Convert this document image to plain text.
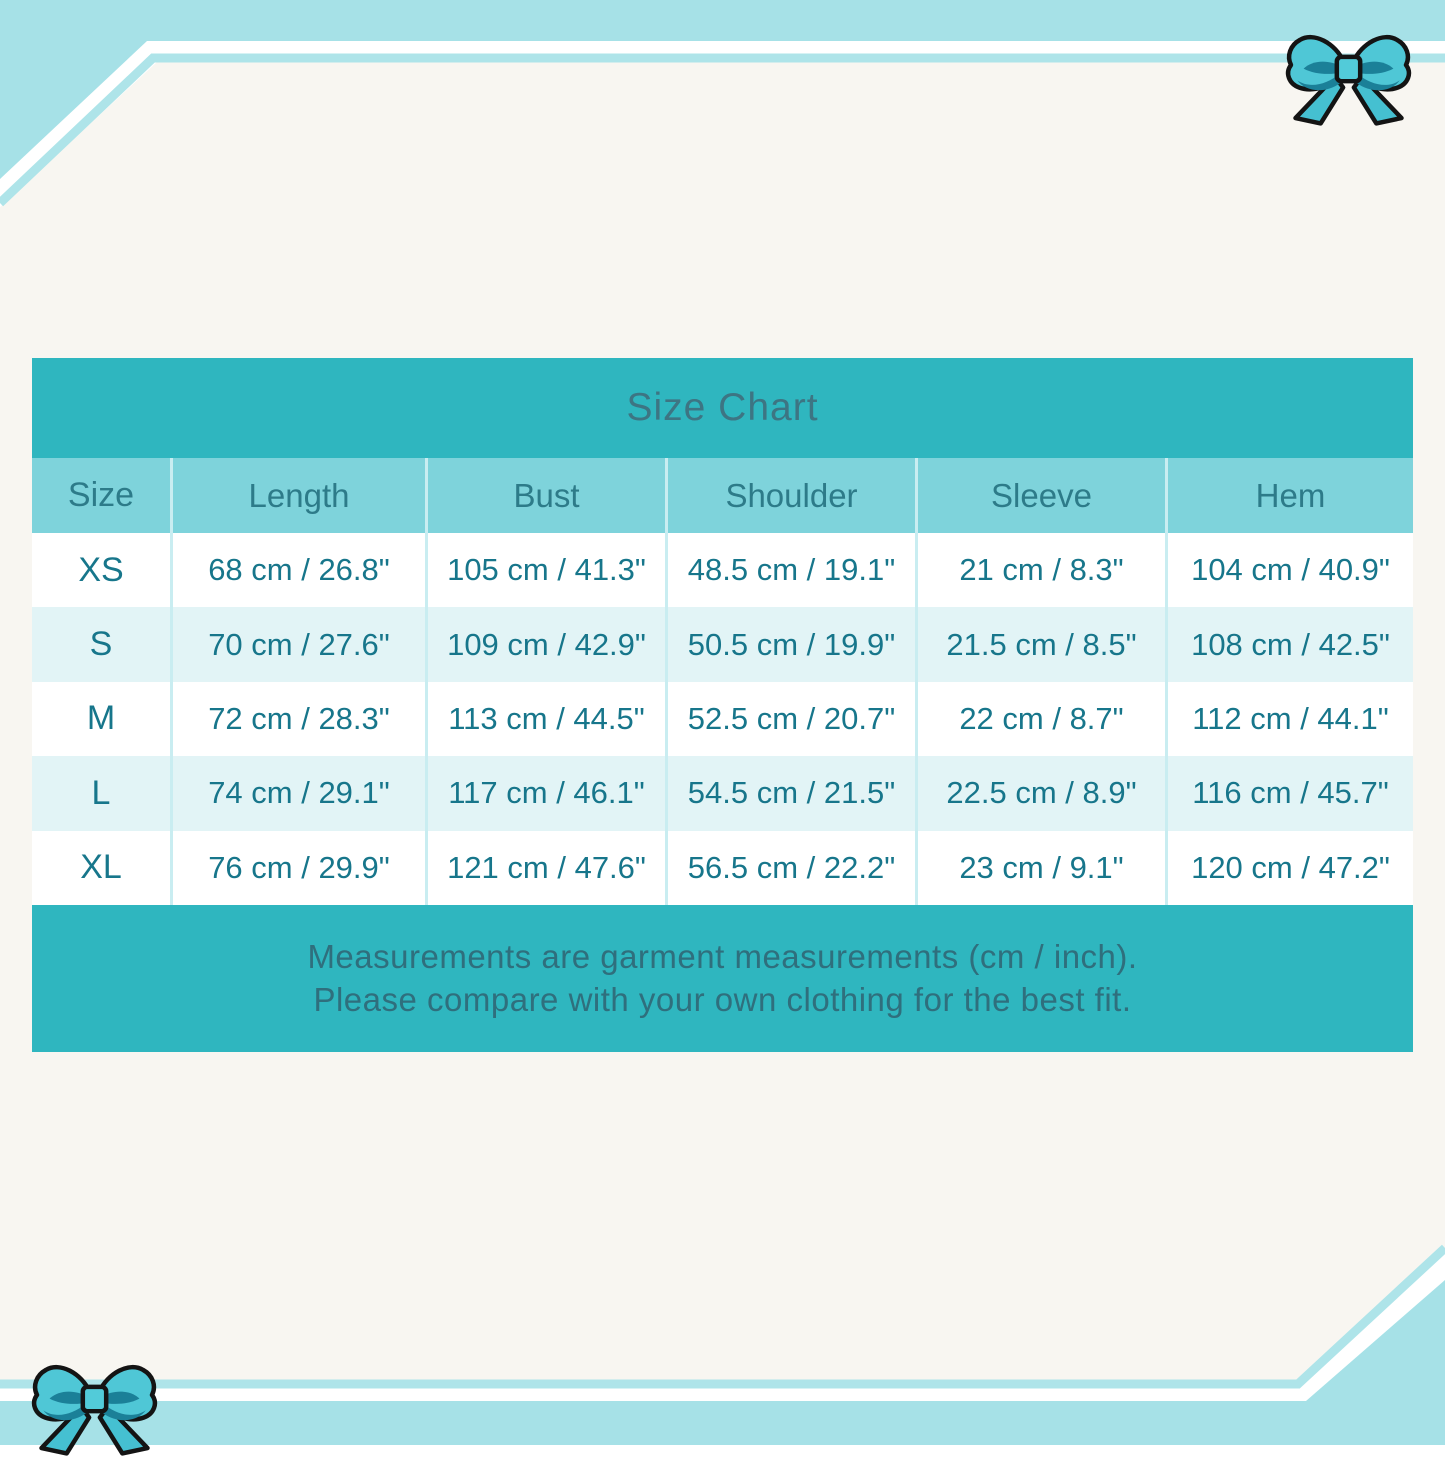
Size Chart
Size	Length	Bust	Shoulder	Sleeve	Hem
XS	68 cm / 26.8"	105 cm / 41.3"	48.5 cm / 19.1"	21 cm / 8.3"	104 cm / 40.9"
S	70 cm / 27.6"	109 cm / 42.9"	50.5 cm / 19.9"	21.5 cm / 8.5"	108 cm / 42.5"
M	72 cm / 28.3"	113 cm / 44.5"	52.5 cm / 20.7"	22 cm / 8.7"	112 cm / 44.1"
L	74 cm / 29.1"	117 cm / 46.1"	54.5 cm / 21.5"	22.5 cm / 8.9"	116 cm / 45.7"
XL	76 cm / 29.9"	121 cm / 47.6"	56.5 cm / 22.2"	23 cm / 9.1"	120 cm / 47.2"
Measurements are garment measurements (cm / inch).
Please compare with your own clothing for the best fit.
